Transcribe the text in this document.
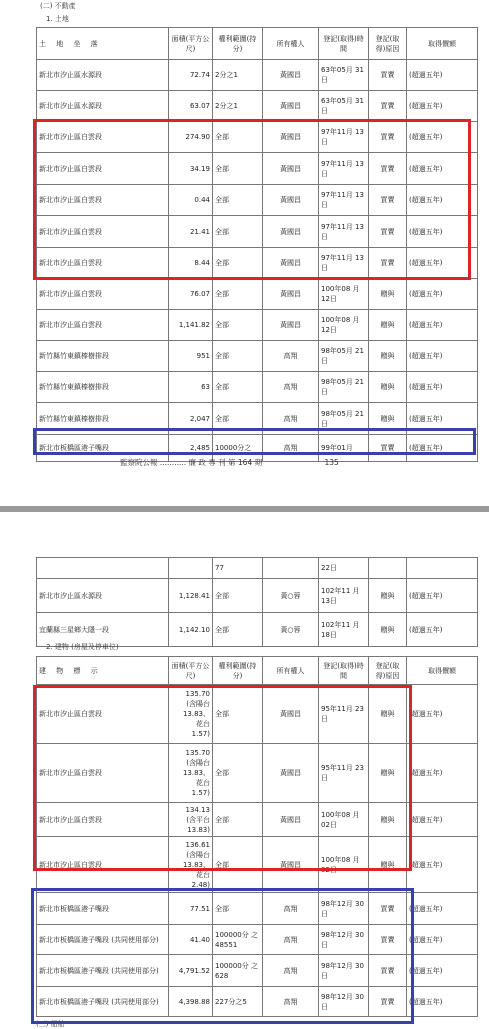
(二) 不動產
1. 土地
土 地 坐 落	面積(平方公尺)	權利範圍(持分)	所有權人	登記(取得)時間	登記(取得)原因	取得價額
新北市汐止區水源段	72.74	2分之1	黃國昌	63年05月 31日	買賣	(超過五年)
新北市汐止區水源段	63.07	2分之1	黃國昌	63年05月 31日	買賣	(超過五年)
新北市汐止區白雲段	274.90	全部	黃國昌	97年11月 13日	買賣	(超過五年)
新北市汐止區白雲段	34.19	全部	黃國昌	97年11月 13日	買賣	(超過五年)
新北市汐止區白雲段	0.44	全部	黃國昌	97年11月 13日	買賣	(超過五年)
新北市汐止區白雲段	21.41	全部	黃國昌	97年11月 13日	買賣	(超過五年)
新北市汐止區白雲段	8.44	全部	黃國昌	97年11月 13日	買賣	(超過五年)
新北市汐止區白雲段	76.07	全部	黃國昌	100年08 月12日	贈與	(超過五年)
新北市汐止區白雲段	1,141.82	全部	黃國昌	100年08 月12日	贈與	(超過五年)
新竹縣竹東鎮榛樹排段	951	全部	高翔	98年05月 21日	贈與	(超過五年)
新竹縣竹東鎮榛樹排段	63	全部	高翔	98年05月 21日	贈與	(超過五年)
新竹縣竹東鎮榛樹排段	2,047	全部	高翔	98年05月 21日	贈與	(超過五年)
新北市板橋區港子嘴段	2,485	10000分之	高翔	99年01月	買賣	(超過五年)
監察院公報 ........... 廉 政 專 刊 第 164 期	135
		77		22日		
新北市汐止區水源段	1,128.41	全部	黃○蓉	102年11 月13日	贈與	(超過五年)
宜蘭縣三星鄉大隱一段	1,142.10	全部	黃○蓉	102年11 月18日	贈與	(超過五年)
2. 建物 (房屋及停車位)
建 物 標 示	面積(平方公尺)	權利範圍(持分)	所有權人	登記(取得)時間	登記(取得)原因	取得價額
新北市汐止區白雲段	135.70
(含陽台
13.83、
花台
1.57)	全部	黃國昌	95年11月 23日	贈與	(超過五年)
新北市汐止區白雲段	135.70
(含陽台
13.83、
花台
1.57)	全部	黃國昌	95年11月 23日	贈與	(超過五年)
新北市汐止區白雲段	134.13
(含平台
13.83)	全部	黃國昌	100年08 月02日	贈與	(超過五年)
新北市汐止區白雲段	136.61
(含陽台
13.83、
花台
2.48)	全部	黃國昌	100年08 月02日	贈與	(超過五年)
新北市板橋區港子嘴段	77.51	全部	高翔	98年12月 30日	買賣	(超過五年)
新北市板橋區港子嘴段 (共同使用部分)	41.40	100000分 之48551	高翔	98年12月 30日	買賣	(超過五年)
新北市板橋區港子嘴段 (共同使用部分)	4,791.52	100000分 之628	高翔	98年12月 30日	買賣	(超過五年)
新北市板橋區港子嘴段 (共同使用部分)	4,398.88	227分之5	高翔	98年12月 30日	買賣	(超過五年)
(三) 船舶
